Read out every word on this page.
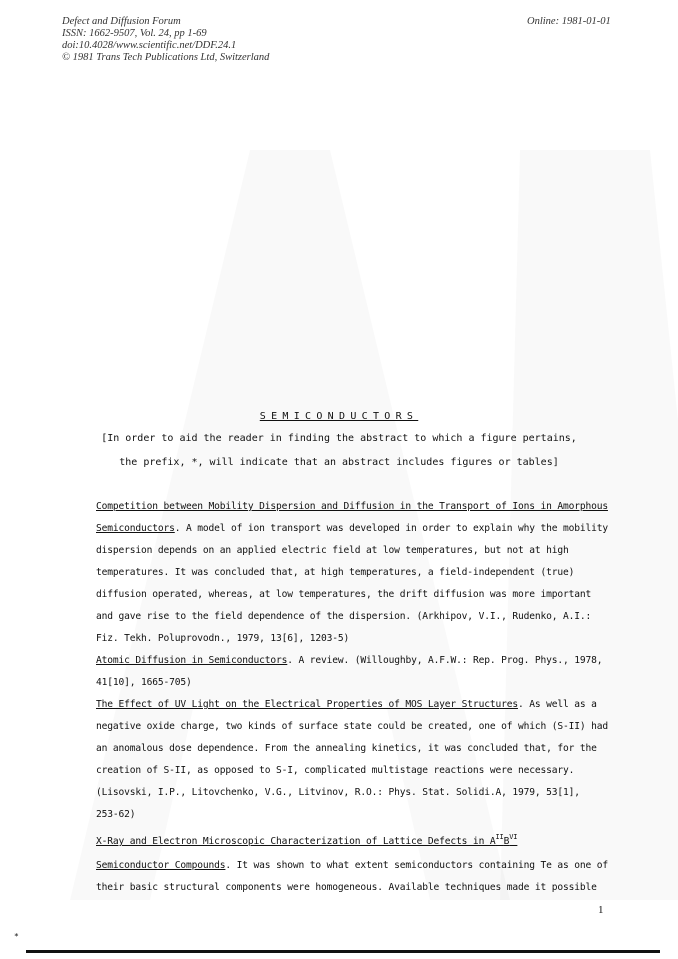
Defect and Diffusion Forum
ISSN: 1662-9507, Vol. 24, pp 1-69
doi:10.4028/www.scientific.net/DDF.24.1
© 1981 Trans Tech Publications Ltd, Switzerland
Online: 1981-01-01
SEMICONDUCTORS
[In order to aid the reader in finding the abstract to which a figure pertains,
the prefix, *, will indicate that an abstract includes figures or tables]
Competition between Mobility Dispersion and Diffusion in the Transport of Ions in Amorphous
Semiconductors. A model of ion transport was developed in order to explain why the mobility
dispersion depends on an applied electric field at low temperatures, but not at high
temperatures. It was concluded that, at high temperatures, a field-independent (true)
diffusion operated, whereas, at low temperatures, the drift diffusion was more important
and gave rise to the field dependence of the dispersion. (Arkhipov, V.I., Rudenko, A.I.:
Fiz. Tekh. Poluprovodn., 1979, 13[6], 1203-5)
Atomic Diffusion in Semiconductors. A review. (Willoughby, A.F.W.: Rep. Prog. Phys., 1978,
41[10], 1665-705)
The Effect of UV Light on the Electrical Properties of MOS Layer Structures. As well as a
negative oxide charge, two kinds of surface state could be created, one of which (S-II) had
an anomalous dose dependence. From the annealing kinetics, it was concluded that, for the
creation of S-II, as opposed to S-I, complicated multistage reactions were necessary.
(Lisovski, I.P., Litovchenko, V.G., Litvinov, R.O.: Phys. Stat. Solidi.A, 1979, 53[1],
253-62)
X-Ray and Electron Microscopic Characterization of Lattice Defects in $A^{II}B^{VI}$
Semiconductor Compounds. It was shown to what extent semiconductors containing Te as one of
their basic structural components were homogeneous. Available techniques made it possible
1
*
